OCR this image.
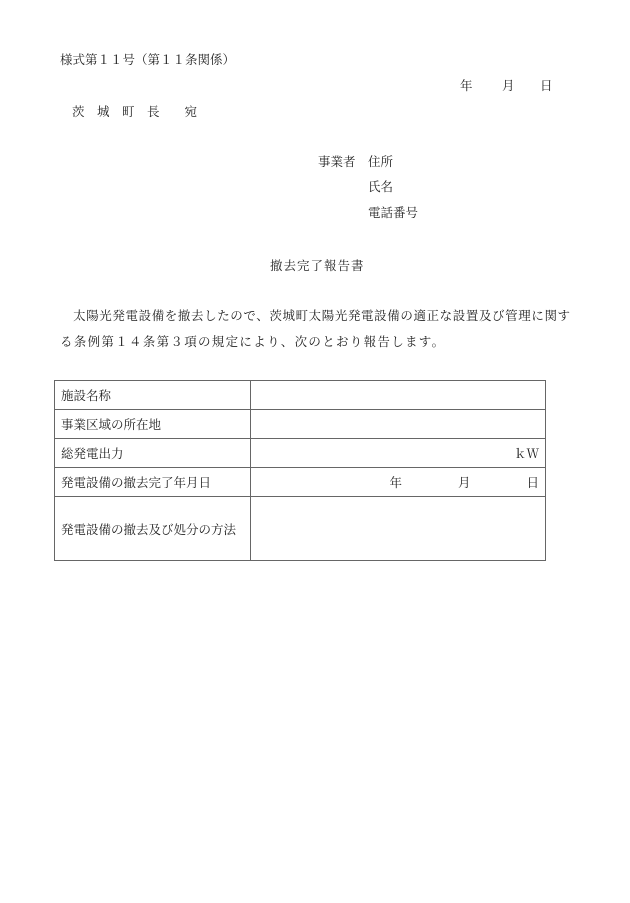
様式第１１号（第１１条関係）
年 月 日
茨　城　町　長　　宛
事業者 住所
氏名
電話番号
撤去完了報告書
　太陽光発電設備を撤去したので、茨城町太陽光発電設備の適正な設置及び管理に関す
る条例第１４条第３項の規定により、次のとおり報告します。
施設名称	
事業区域の所在地	
総発電出力	ｋＷ
発電設備の撤去完了年月日	年 月 日
発電設備の撤去及び処分の方法	
